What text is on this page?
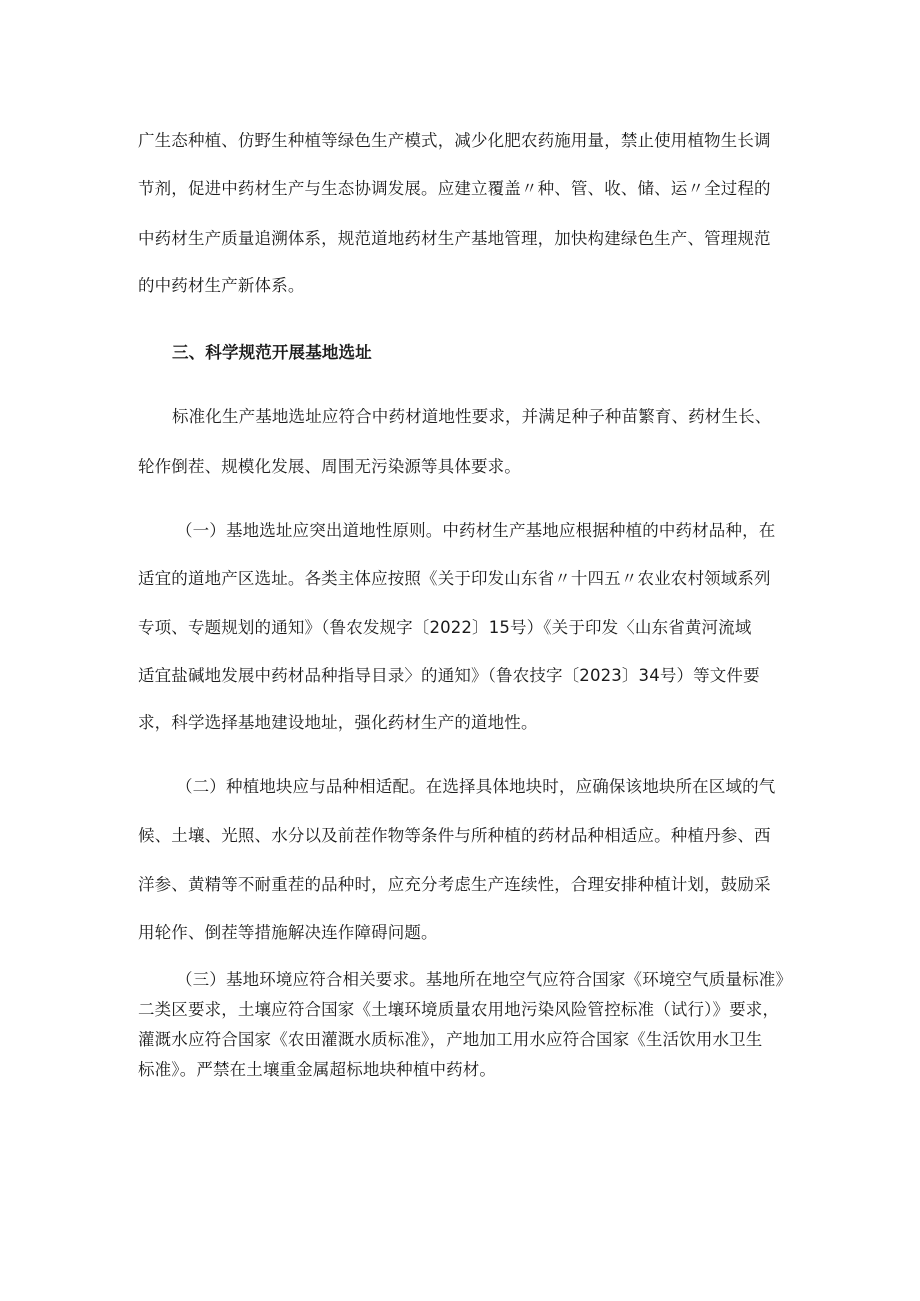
广生态种植、仿野生种植等绿色生产模式，减少化肥农药施用量，禁止使用植物生长调
节剂，促进中药材生产与生态协调发展。应建立覆盖〃种、管、收、储、运〃全过程的
中药材生产质量追溯体系，规范道地药材生产基地管理，加快构建绿色生产、管理规范
的中药材生产新体系。
三、科学规范开展基地选址
标准化生产基地选址应符合中药材道地性要求，并满足种子种苗繁育、药材生长、
轮作倒茬、规模化发展、周围无污染源等具体要求。
（一）基地选址应突出道地性原则。中药材生产基地应根据种植的中药材品种，在
适宜的道地产区选址。各类主体应按照《关于印发山东省〃十四五〃农业农村领域系列
专项、专题规划的通知》（鲁农发规字〔2022〕15号）《关于印发〈山东省黄河流域
适宜盐碱地发展中药材品种指导目录〉的通知》（鲁农技字〔2023〕34号）等文件要
求，科学选择基地建设地址，强化药材生产的道地性。
（二）种植地块应与品种相适配。在选择具体地块时，应确保该地块所在区域的气
候、土壤、光照、水分以及前茬作物等条件与所种植的药材品种相适应。种植丹参、西
洋参、黄精等不耐重茬的品种时，应充分考虑生产连续性，合理安排种植计划，鼓励采
用轮作、倒茬等措施解决连作障碍问题。
（三）基地环境应符合相关要求。基地所在地空气应符合国家《环境空气质量标准》
二类区要求，土壤应符合国家《土壤环境质量农用地污染风险管控标准（试行）》要求，
灌溉水应符合国家《农田灌溉水质标准》，产地加工用水应符合国家《生活饮用水卫生
标准》。严禁在土壤重金属超标地块种植中药材。
